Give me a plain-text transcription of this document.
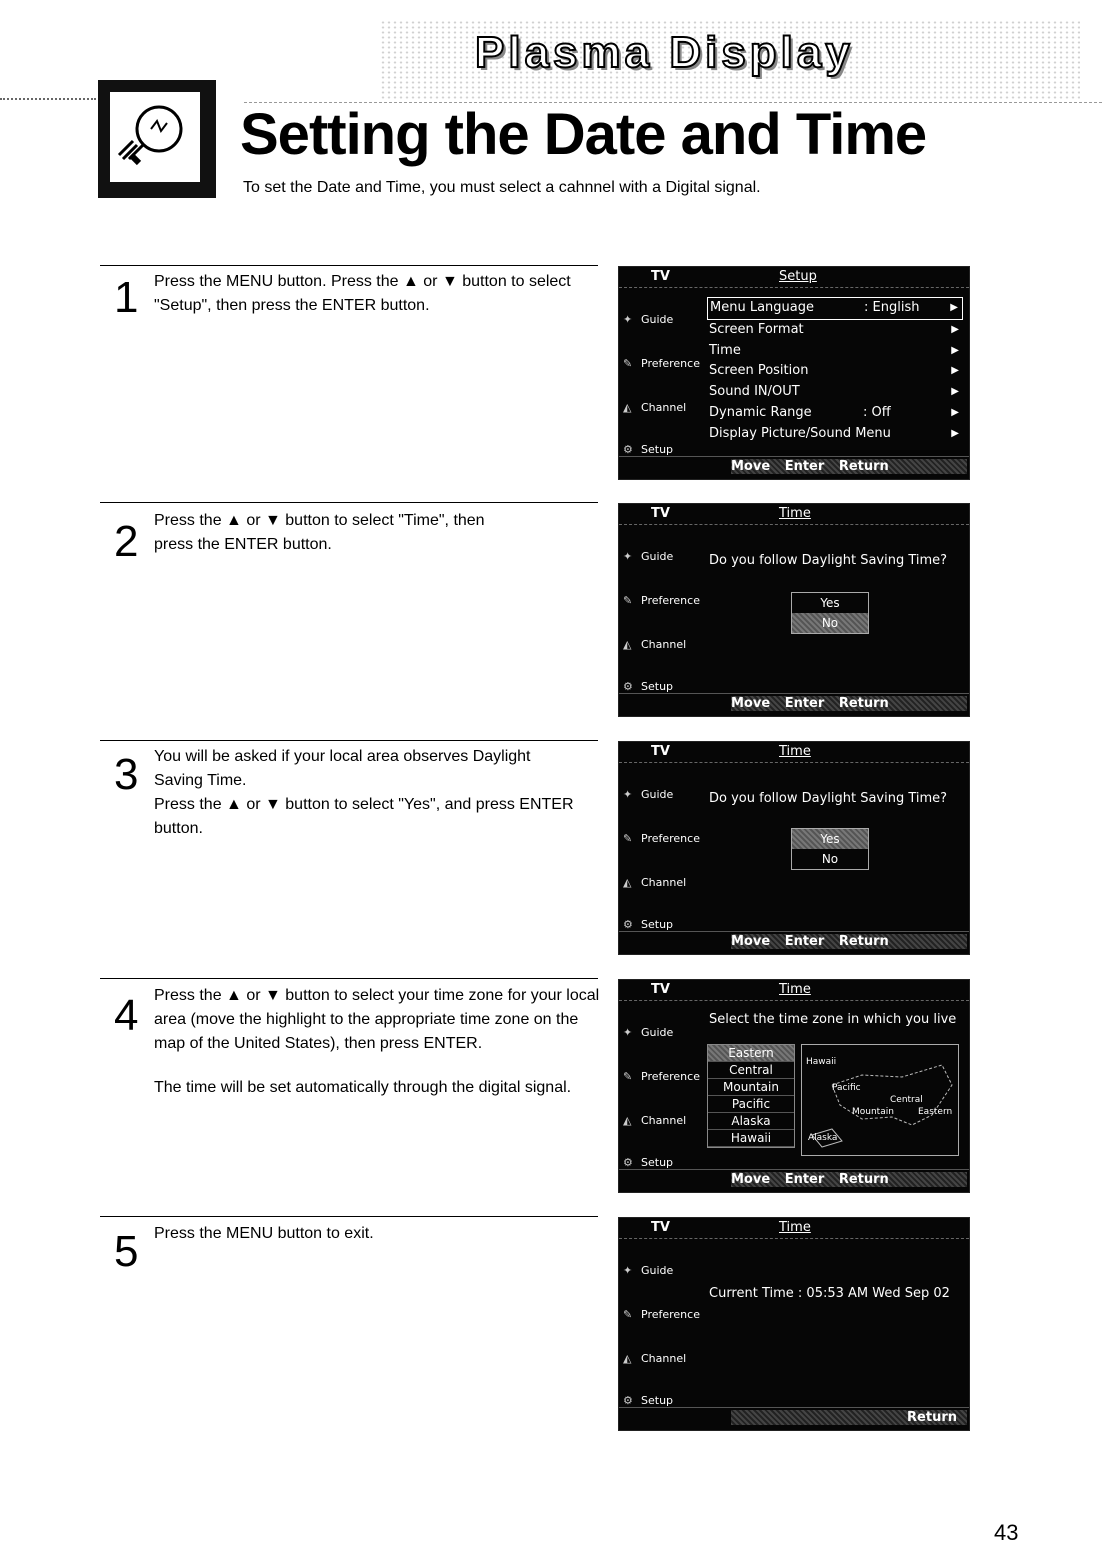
Plasma Display
Setting the Date and Time
To set the Date and Time, you must select a cahnnel with a Digital signal.
1 Press the MENU button. Press the ▲ or ▼ button to select "Setup", then press the ENTER button.

TV	Setup
✦ Guide
✎ Preference
◭ Channel
⚙ Setup
Menu Language	: English	▶
Screen Format	▶
Time	▶
Screen Position	▶
Sound IN/OUT	▶
Dynamic Range	: Off	▶
Display Picture/Sound Menu	▶
Move Enter Return
2 Press the ▲ or ▼ button to select "Time", then press the ENTER button.

TV	Time
✦ Guide
✎ Preference
◭ Channel
⚙ Setup
Do you follow Daylight Saving Time?
Yes
No
Move Enter Return
3 You will be asked if your local area observes Daylight Saving Time.

Press the ▲ or ▼ button to select "Yes", and press ENTER button.

TV	Time
✦ Guide
✎ Preference
◭ Channel
⚙ Setup
Do you follow Daylight Saving Time?
Yes
No
Move Enter Return
4 Press the ▲ or ▼ button to select your time zone for your local area (move the highlight to the appropriate time zone on the map of the United States), then press ENTER.

The time will be set automatically through the digital signal.

TV	Time
✦ Guide
✎ Preference
◭ Channel
⚙ Setup
Select the time zone in which you live
Eastern
Central
Mountain
Pacific
Alaska
Hawaii
Hawaii
Pacific
Central
Mountain	Eastern
Alaska
Move Enter Return
5 Press the MENU button to exit.	TV	Time
✦ Guide
✎ Preference
◭ Channel
⚙ Setup
Current Time : 05:53 AM Wed Sep 02
Return
43
